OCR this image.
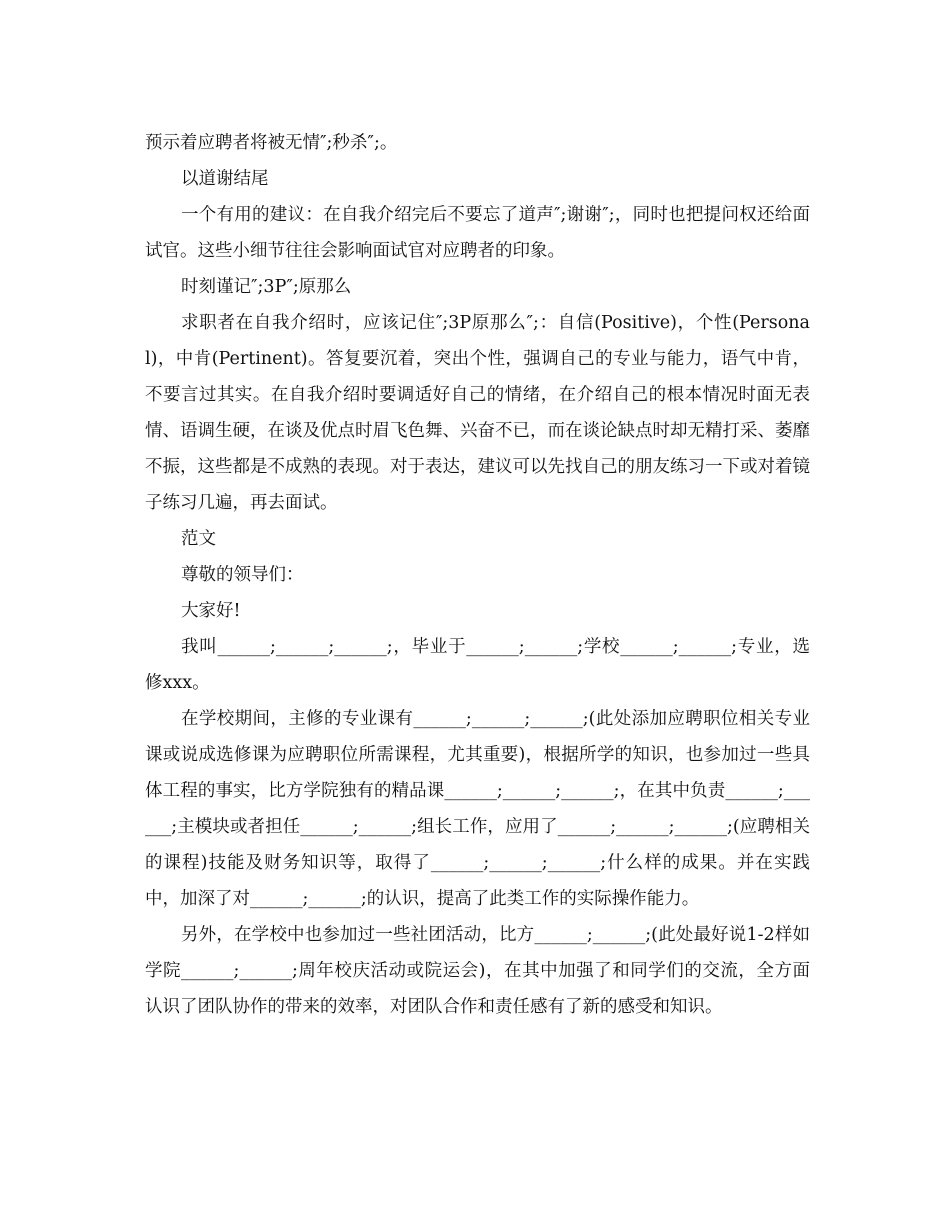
预示着应聘者将被无情″;秒杀″;。

以道谢结尾

一个有用的建议：在自我介绍完后不要忘了道声″;谢谢″;，同时也把提问权还给面试官。这些小细节往往会影响面试官对应聘者的印象。

时刻谨记″;3P″;原那么

求职者在自我介绍时，应该记住″;3P原那么″;：自信(Positive)，个性(Personal)，中肯(Pertinent)。答复要沉着，突出个性，强调自己的专业与能力，语气中肯，不要言过其实。在自我介绍时要调适好自己的情绪，在介绍自己的根本情况时面无表情、语调生硬，在谈及优点时眉飞色舞、兴奋不已，而在谈论缺点时却无精打采、萎靡不振，这些都是不成熟的表现。对于表达，建议可以先找自己的朋友练习一下或对着镜子练习几遍，再去面试。

范文

尊敬的领导们：

大家好!

我叫______;______;______;，毕业于______;______;学校______;______;专业，选修xxx。

在学校期间，主修的专业课有______;______;______;(此处添加应聘职位相关专业课或说成选修课为应聘职位所需课程，尤其重要)，根据所学的知识，也参加过一些具体工程的事实，比方学院独有的精品课______;______;______;，在其中负责______;______;主模块或者担任______;______;组长工作，应用了______;______;______;(应聘相关的课程)技能及财务知识等，取得了______;______;______;什么样的成果。并在实践中，加深了对______;______;的认识，提高了此类工作的实际操作能力。

另外，在学校中也参加过一些社团活动，比方______;______;(此处最好说1-2样如学院______;______;周年校庆活动或院运会)，在其中加强了和同学们的交流，全方面认识了团队协作的带来的效率，对团队合作和责任感有了新的感受和知识。
